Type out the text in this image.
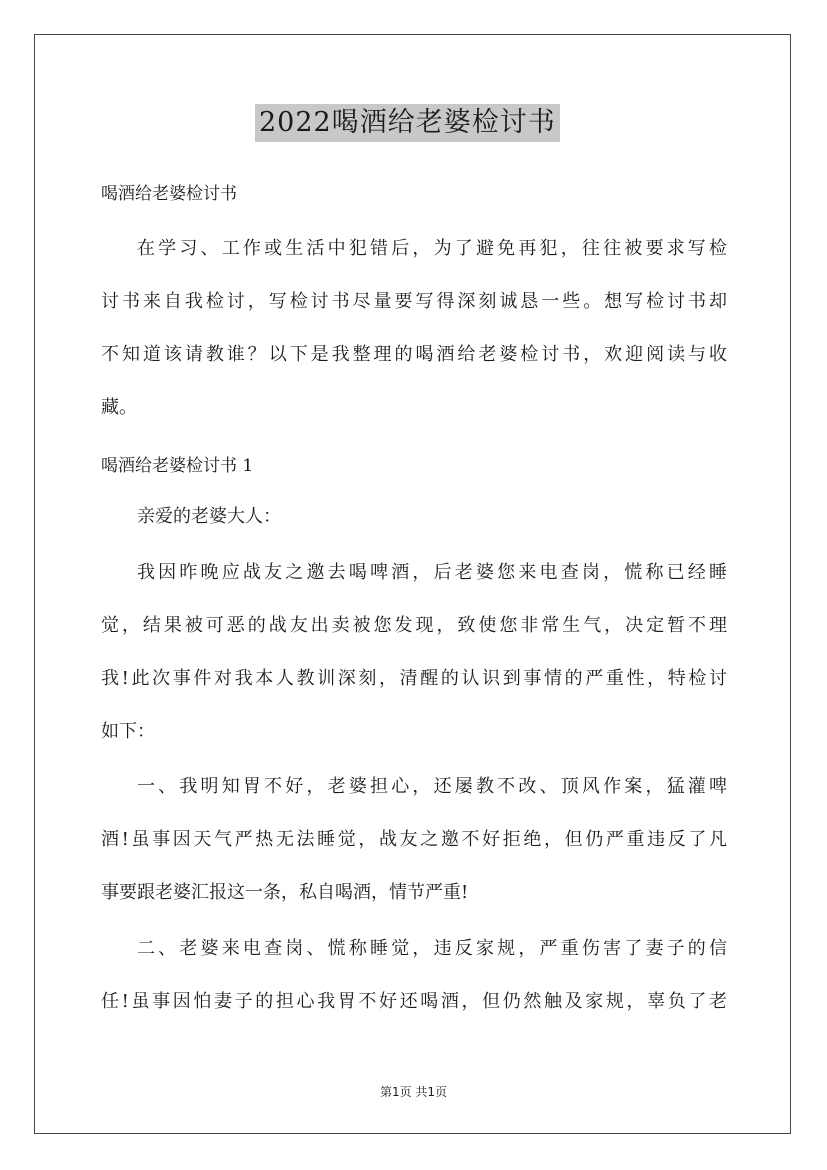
2022喝酒给老婆检讨书
喝酒给老婆检讨书
在学习、工作或生活中犯错后，为了避免再犯，往往被要求写检
讨书来自我检讨，写检讨书尽量要写得深刻诚恳一些。想写检讨书却
不知道该请教谁？以下是我整理的喝酒给老婆检讨书，欢迎阅读与收
藏。
喝酒给老婆检讨书 1
亲爱的老婆大人：
我因昨晚应战友之邀去喝啤酒，后老婆您来电查岗，慌称已经睡
觉，结果被可恶的战友出卖被您发现，致使您非常生气，决定暂不理
我!此次事件对我本人教训深刻，清醒的认识到事情的严重性，特检讨
如下：
一、我明知胃不好，老婆担心，还屡教不改、顶风作案，猛灌啤
酒!虽事因天气严热无法睡觉，战友之邀不好拒绝，但仍严重违反了凡
事要跟老婆汇报这一条，私自喝酒，情节严重!
二、老婆来电查岗、慌称睡觉，违反家规，严重伤害了妻子的信
任!虽事因怕妻子的担心我胃不好还喝酒，但仍然触及家规，辜负了老
第1页 共1页
